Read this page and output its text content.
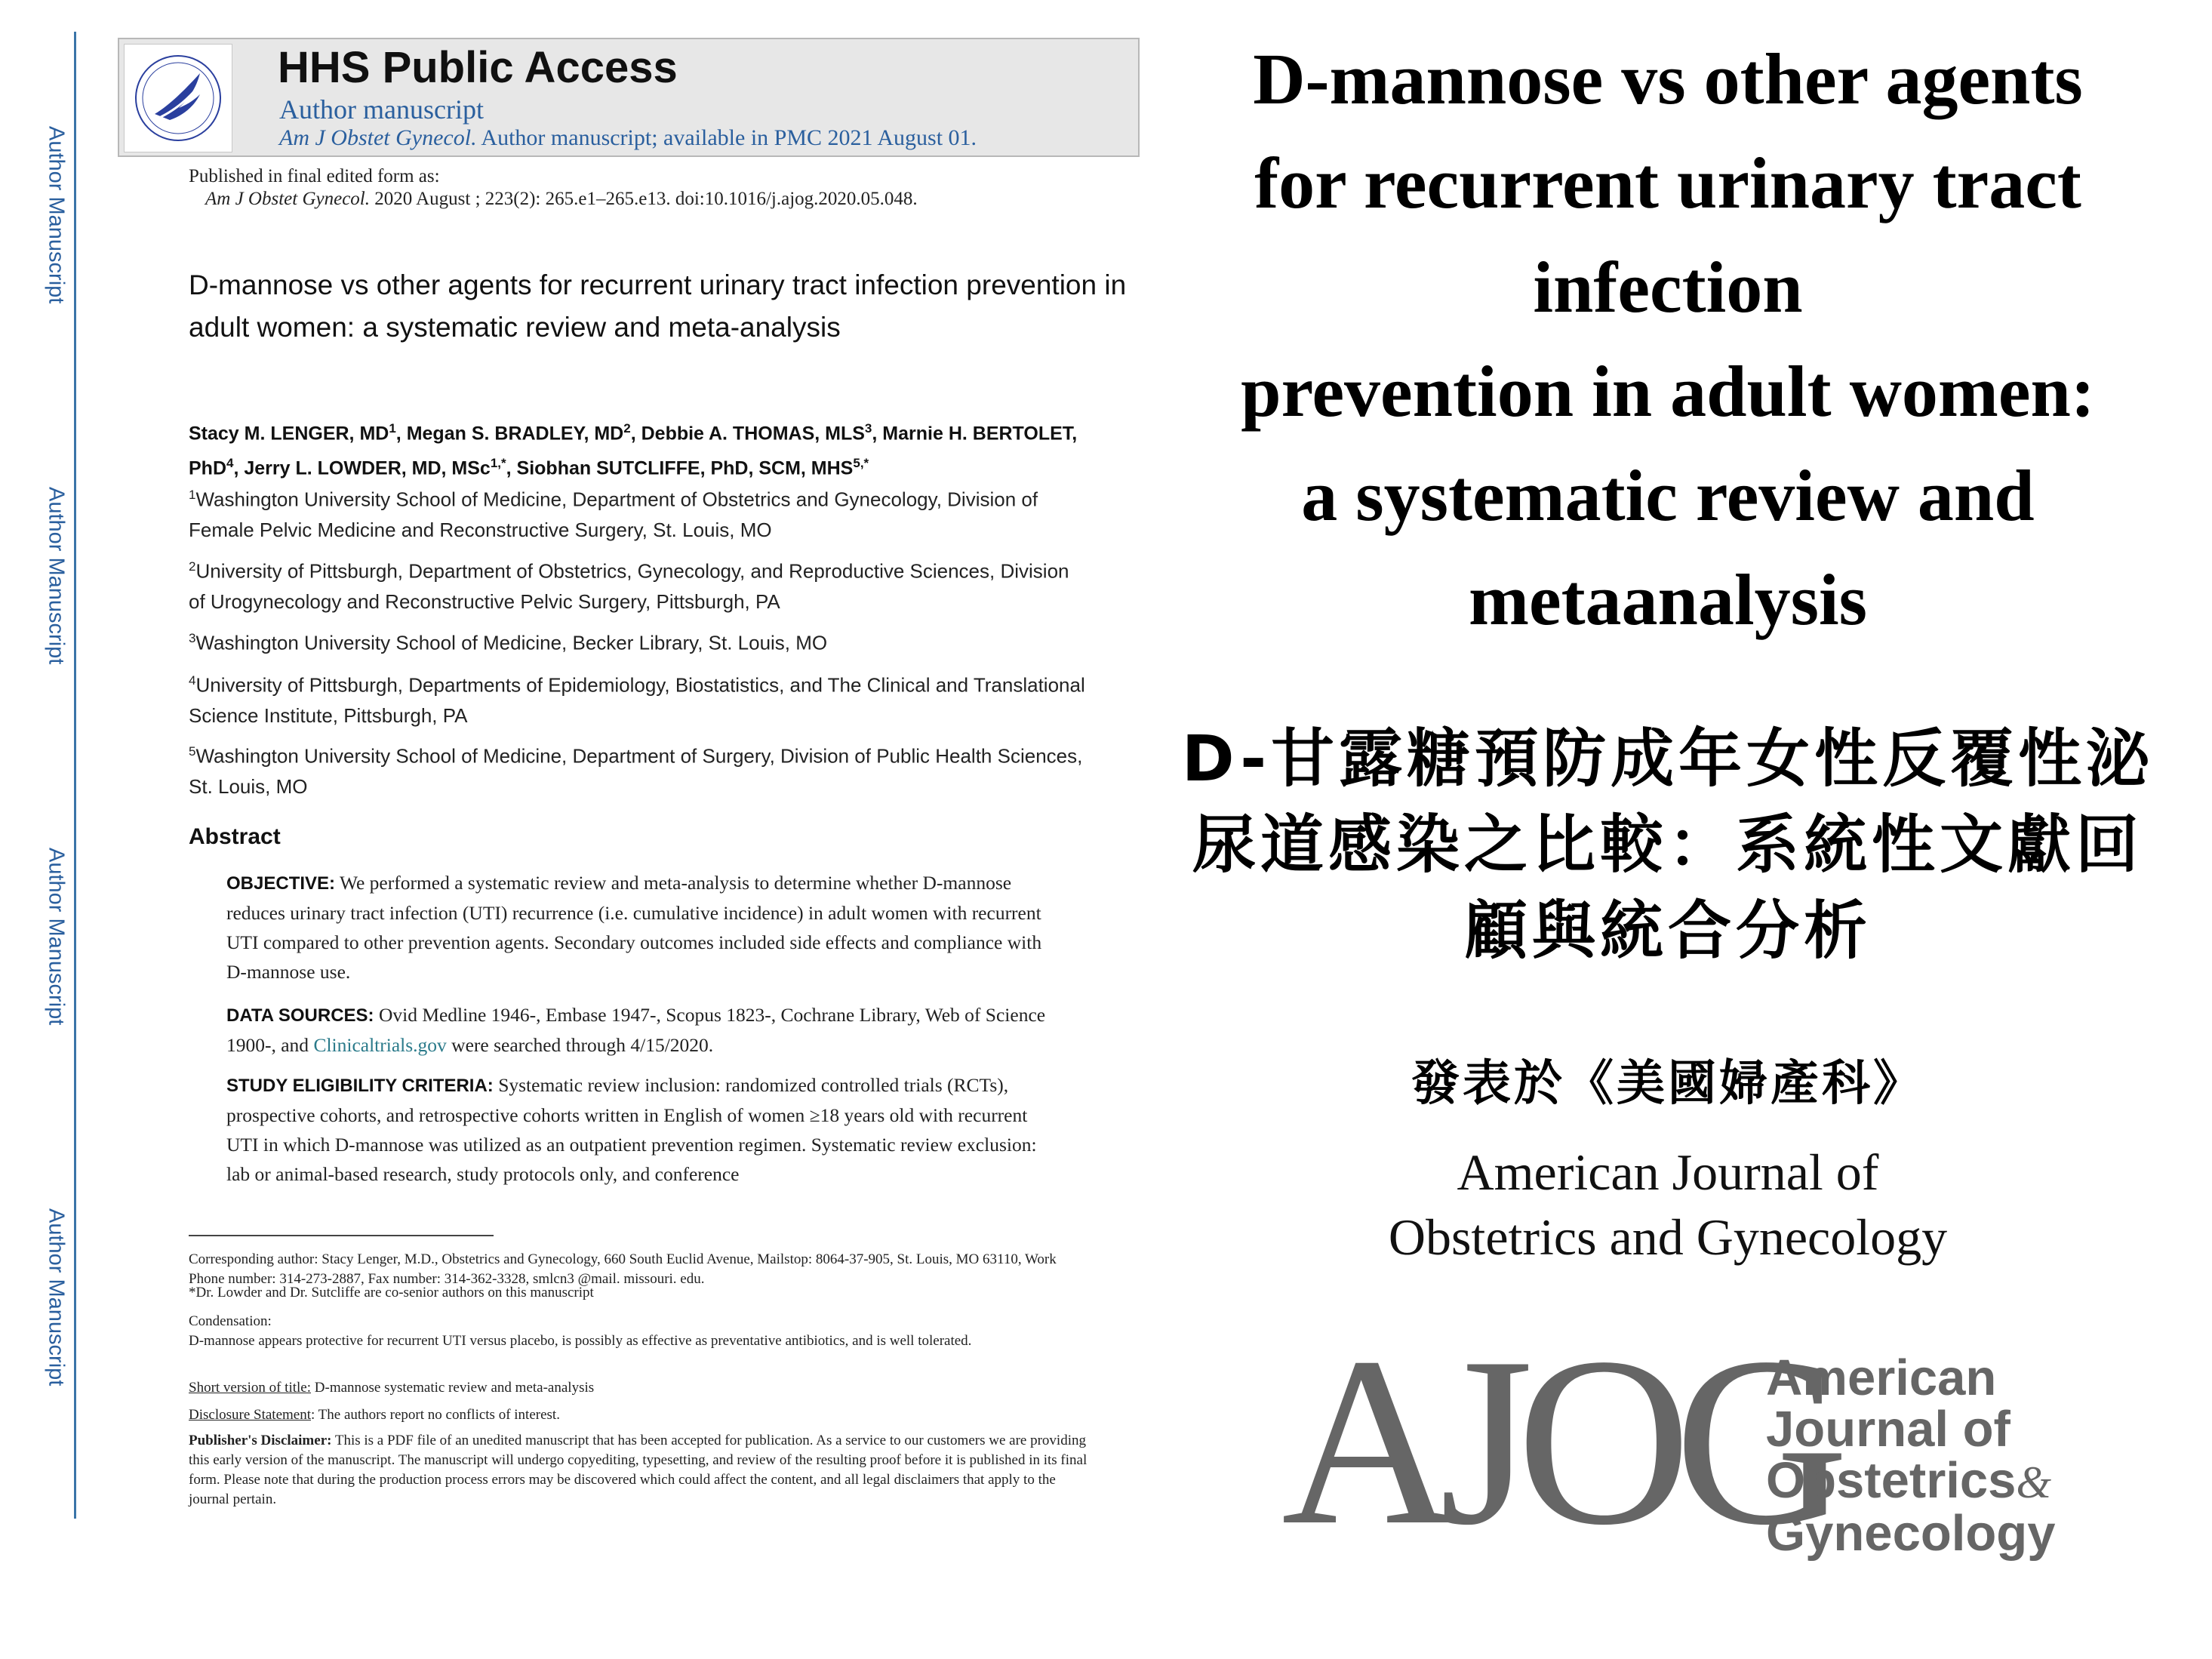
Author Manuscript
Author Manuscript
Author Manuscript
Author Manuscript
HHS Public Access
Author manuscript
Am J Obstet Gynecol. Author manuscript; available in PMC 2021 August 01.
Published in final edited form as:
Am J Obstet Gynecol. 2020 August ; 223(2): 265.e1–265.e13. doi:10.1016/j.ajog.2020.05.048.
D-mannose vs other agents for recurrent urinary tract infection prevention in adult women: a systematic review and meta-analysis
Stacy M. LENGER, $MD^1$, Megan S. BRADLEY, $MD^2$, Debbie A. THOMAS, MLS$^3$, Marnie H. BERTOLET, PhD$^4$, Jerry L. LOWDER, MD, MSc$^{1,*}$, Siobhan SUTCLIFFE, PhD, SCM, $MHS^{5,*}$
$^1$Washington University School of Medicine, Department of Obstetrics and Gynecology, Division of Female Pelvic Medicine and Reconstructive Surgery, St. Louis, MO
$^2$University of Pittsburgh, Department of Obstetrics, Gynecology, and Reproductive Sciences, Division of Urogynecology and Reconstructive Pelvic Surgery, Pittsburgh, PA
$^3$Washington University School of Medicine, Becker Library, St. Louis, MO
$^4$University of Pittsburgh, Departments of Epidemiology, Biostatistics, and The Clinical and Translational Science Institute, Pittsburgh, PA
$^5$Washington University School of Medicine, Department of Surgery, Division of Public Health Sciences, St. Louis, MO
Abstract
OBJECTIVE: We performed a systematic review and meta-analysis to determine whether D-mannose reduces urinary tract infection (UTI) recurrence (i.e. cumulative incidence) in adult women with recurrent UTI compared to other prevention agents. Secondary outcomes included side effects and compliance with D-mannose use.
DATA SOURCES: Ovid Medline 1946-, Embase 1947-, Scopus 1823-, Cochrane Library, Web of Science 1900-, and Clinicaltrials.gov were searched through 4/15/2020.
STUDY ELIGIBILITY CRITERIA: Systematic review inclusion: randomized controlled trials (RCTs), prospective cohorts, and retrospective cohorts written in English of women ≥18 years old with recurrent UTI in which D-mannose was utilized as an outpatient prevention regimen. Systematic review exclusion: lab or animal-based research, study protocols only, and conference
Corresponding author: Stacy Lenger, M.D., Obstetrics and Gynecology, 660 South Euclid Avenue, Mailstop: 8064-37-905, St. Louis, MO 63110, Work Phone number: 314-273-2887, Fax number: 314-362-3328, smlcn3 @mail. missouri. edu.
*Dr. Lowder and Dr. Sutcliffe are co-senior authors on this manuscript
Condensation:
D-mannose appears protective for recurrent UTI versus placebo, is possibly as effective as preventative antibiotics, and is well tolerated.
Short version of title: D-mannose systematic review and meta-analysis
Disclosure Statement: The authors report no conflicts of interest.
Publisher's Disclaimer: This is a PDF file of an unedited manuscript that has been accepted for publication. As a service to our customers we are providing this early version of the manuscript. The manuscript will undergo copyediting, typesetting, and review of the resulting proof before it is published in its final form. Please note that during the production process errors may be discovered which could affect the content, and all legal disclaimers that apply to the journal pertain.
D-mannose vs other agents
for recurrent urinary tract
infection
prevention in adult women:
a systematic review and
metaanalysis
D-甘露糖預防成年女性反覆性泌
尿道感染之比較：系統性文獻回
顧與統合分析
發表於《美國婦產科》
American Journal of
Obstetrics and Gynecology
AJOG
American
Journal of
Obstetrics&
Gynecology
